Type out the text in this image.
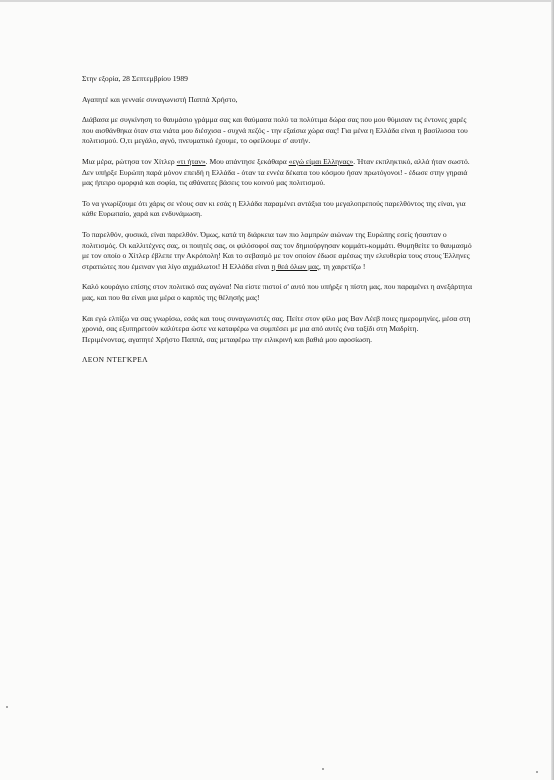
Στην εξορία, 28 Σεπτεμβρίου 1989

Αγαπητέ και γενναίε συναγωνιστή Παππά Χρήστο,

Διάβασα με συγκίνηση το θαυμάσιο γράμμα σας και θαύμασα πολύ τα πολύτιμα δώρα σας που μου θύμισαν τις έντονες χαρές που αισθάνθηκα όταν στα νιάτα μου διέσχισα - συχνά πεζός - την εξαίσια χώρα σας! Για μένα η Ελλάδα είναι η βασίλισσα του πολιτισμού. Ο,τι μεγάλο, αγνό, πνευματικό έχουμε, το οφείλουμε σ' αυτήν.

Μια μέρα, ρώτησα τον Χίτλερ «τι ήταν». Μου απάντησε ξεκάθαρα «εγώ είμαι Ελληνας». Ήταν εκπληκτικό, αλλά ήταν σωστό. Δεν υπήρξε Ευρώπη παρά μόνον επειδή η Ελλάδα - όταν τα εννέα δέκατα του κόσμου ήσαν πρωτόγονοι! - έδωσε στην γηραιά μας ήπειρο ομορφιά και σοφία, τις αθάνατες βάσεις του κοινού μας πολιτισμού.

Το να γνωρίζουμε ότι χάρις σε νέους σαν κι εσάς η Ελλάδα παραμένει αντάξια του μεγαλοπρεπούς παρελθόντος της είναι, για κάθε Ευρωπαίο, χαρά και ενδυνάμωση.

Το παρελθόν, φυσικά, είναι παρελθόν. Όμως, κατά τη διάρκεια των πιο λαμπρών αιώνων της Ευρώπης εσείς ήσασταν ο πολιτισμός. Οι καλλιτέχνες σας, οι ποιητές σας, οι φιλόσοφοί σας τον δημιούργησαν κομμάτι-κομμάτι. Θυμηθείτε το θαυμασμό με τον οποίο ο Χίτλερ έβλεπε την Ακρόπολη! Και το σεβασμό με τον οποίον έδωσε αμέσως την ελευθερία τους στους Έλληνες στρατιώτες που έμειναν για λίγο αιχμάλωτοι! Η Ελλάδα είναι η θεά όλων μας, τη χαιρετίζω !

Καλό κουράγιο επίσης στον πολιτικό σας αγώνα! Να είστε πιστοί σ' αυτό που υπήρξε η πίστη μας, που παραμένει η ανεξάρτητα μας, και που θα είναι μια μέρα ο καρπός της θέλησής μας!

Και εγώ ελπίζω να σας γνωρίσω, εσάς και τους συναγωνιστές σας. Πείτε στον φίλο μας Βαν Λέεβ ποιες ημερομηνίες, μέσα στη χρονιά, σας εξυπηρετούν καλύτερα ώστε να καταφέρω να συμπέσει με μια από αυτές ένα ταξίδι στη Μαδρίτη.

Περιμένοντας, αγαπητέ Χρήστο Παππά, σας μεταφέρω την ειλικρινή και βαθιά μου αφοσίωση.

ΛΕΟΝ ΝΤΕΓΚΡΕΛ
